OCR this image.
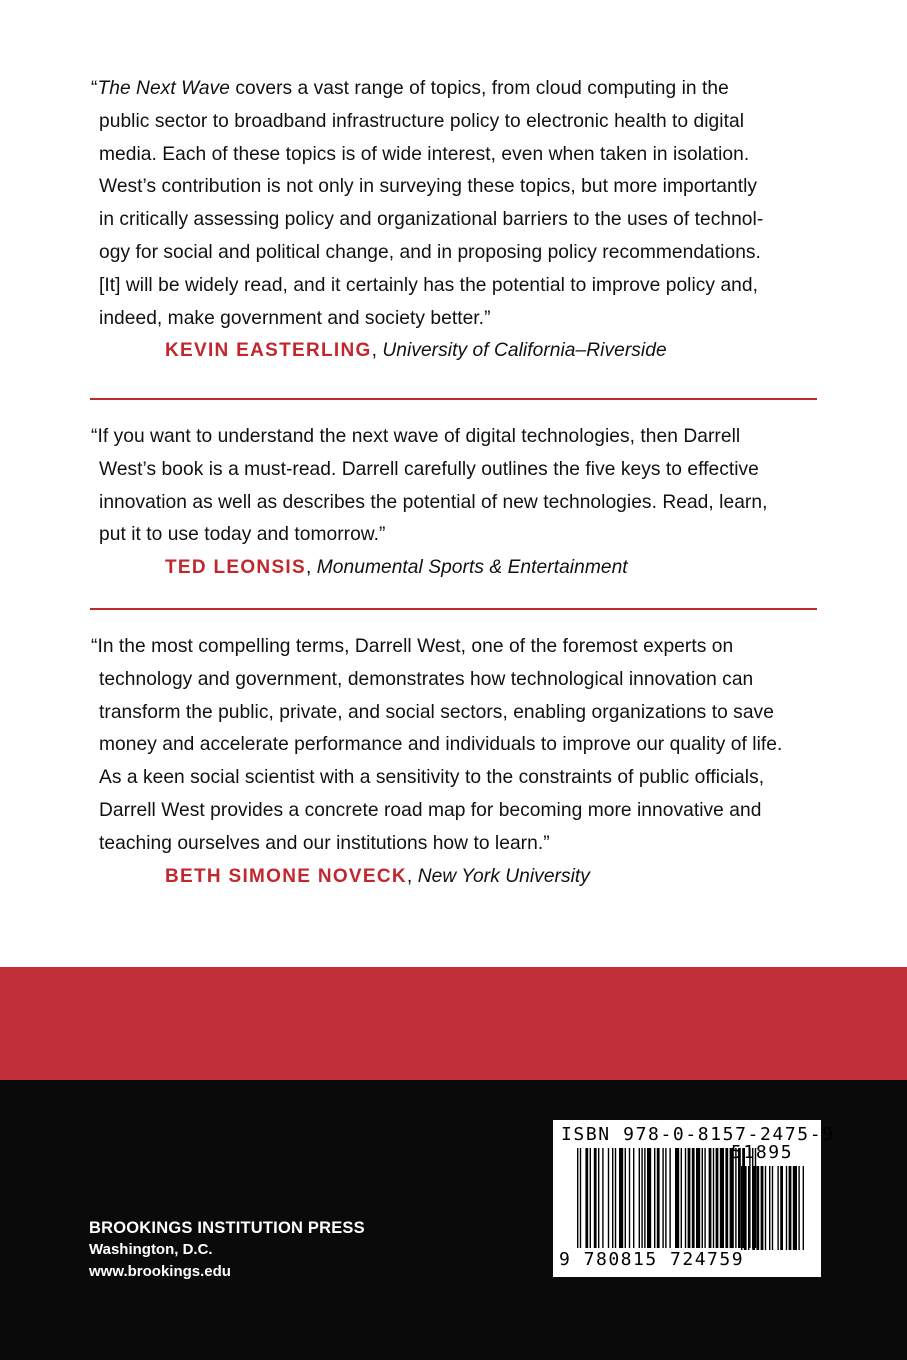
“The Next Wave covers a vast range of topics, from cloud computing in the
public sector to broadband infrastructure policy to electronic health to digital
media. Each of these topics is of wide interest, even when taken in isolation.
West’s contribution is not only in surveying these topics, but more importantly
in critically assessing policy and organizational barriers to the uses of technol-
ogy for social and political change, and in proposing policy recommendations.
[It] will be widely read, and it certainly has the potential to improve policy and,
indeed, make government and society better.”

KEVIN EASTERLING, University of California–Riverside

“If you want to understand the next wave of digital technologies, then Darrell
West’s book is a must-read. Darrell carefully outlines the five keys to effective
innovation as well as describes the potential of new technologies. Read, learn,
put it to use today and tomorrow.”

TED LEONSIS, Monumental Sports & Entertainment

“In the most compelling terms, Darrell West, one of the foremost experts on
technology and government, demonstrates how technological innovation can
transform the public, private, and social sectors, enabling organizations to save
money and accelerate performance and individuals to improve our quality of life.
As a keen social scientist with a sensitivity to the constraints of public officials,
Darrell West provides a concrete road map for becoming more innovative and
teaching ourselves and our institutions how to learn.”

BETH SIMONE NOVECK, New York University
BROOKINGS INSTITUTION PRESS
Washington, D.C.
www.brookings.edu
ISBN 978-0-8157-2475-9
51895
9 780815 724759
